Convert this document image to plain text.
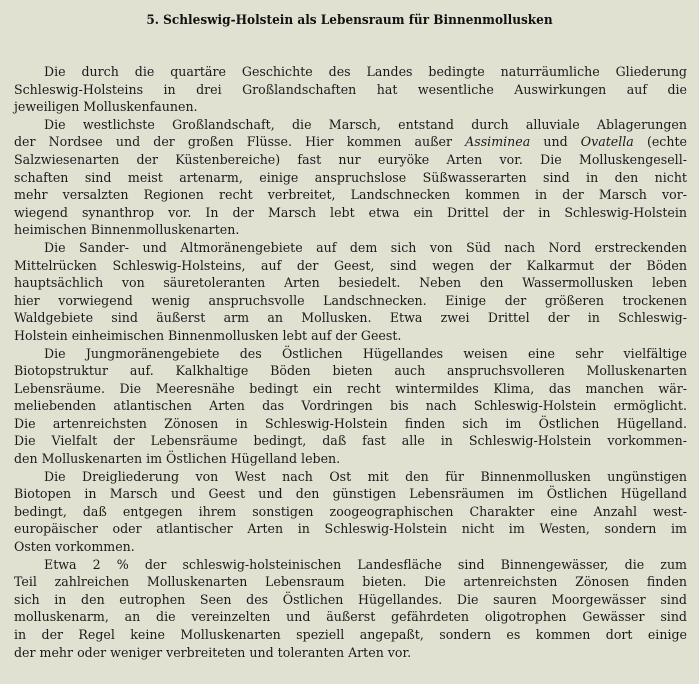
5. Schleswig-Holstein als Lebensraum für Binnenmollusken
Die durch die quartäre Geschichte des Landes bedingte naturräumliche Gliederung
Schleswig-Holsteins in drei Großlandschaften hat wesentliche Auswirkungen auf die
jeweiligen Molluskenfaunen.
Die westlichste Großlandschaft, die Marsch, entstand durch alluviale Ablagerungen
der Nordsee und der großen Flüsse. Hier kommen außer Assiminea und Ovatella (echte
Salzwiesenarten der Küstenbereiche) fast nur euryöke Arten vor. Die Molluskengesell-
schaften sind meist artenarm, einige anspruchslose Süßwasserarten sind in den nicht
mehr versalzten Regionen recht verbreitet, Landschnecken kommen in der Marsch vor-
wiegend synanthrop vor. In der Marsch lebt etwa ein Drittel der in Schleswig-Holstein
heimischen Binnenmolluskenarten.
Die Sander- und Altmoränengebiete auf dem sich von Süd nach Nord erstreckenden
Mittelrücken Schleswig-Holsteins, auf der Geest, sind wegen der Kalkarmut der Böden
hauptsächlich von säuretoleranten Arten besiedelt. Neben den Wassermollusken leben
hier vorwiegend wenig anspruchsvolle Landschnecken. Einige der größeren trockenen
Waldgebiete sind äußerst arm an Mollusken. Etwa zwei Drittel der in Schleswig-
Holstein einheimischen Binnenmollusken lebt auf der Geest.
Die Jungmoränengebiete des Östlichen Hügellandes weisen eine sehr vielfältige
Biotopstruktur auf. Kalkhaltige Böden bieten auch anspruchsvolleren Molluskenarten
Lebensräume. Die Meeresnähe bedingt ein recht wintermildes Klima, das manchen wär-
meliebenden atlantischen Arten das Vordringen bis nach Schleswig-Holstein ermöglicht.
Die artenreichsten Zönosen in Schleswig-Holstein finden sich im Östlichen Hügelland.
Die Vielfalt der Lebensräume bedingt, daß fast alle in Schleswig-Holstein vorkommen-
den Molluskenarten im Östlichen Hügelland leben.
Die Dreigliederung von West nach Ost mit den für Binnenmollusken ungünstigen
Biotopen in Marsch und Geest und den günstigen Lebensräumen im Östlichen Hügelland
bedingt, daß entgegen ihrem sonstigen zoogeographischen Charakter eine Anzahl west-
europäischer oder atlantischer Arten in Schleswig-Holstein nicht im Westen, sondern im
Osten vorkommen.
Etwa 2 % der schleswig-holsteinischen Landesfläche sind Binnengewässer, die zum
Teil zahlreichen Molluskenarten Lebensraum bieten. Die artenreichsten Zönosen finden
sich in den eutrophen Seen des Östlichen Hügellandes. Die sauren Moorgewässer sind
molluskenarm, an die vereinzelten und äußerst gefährdeten oligotrophen Gewässer sind
in der Regel keine Molluskenarten speziell angepaßt, sondern es kommen dort einige
der mehr oder weniger verbreiteten und toleranten Arten vor.
